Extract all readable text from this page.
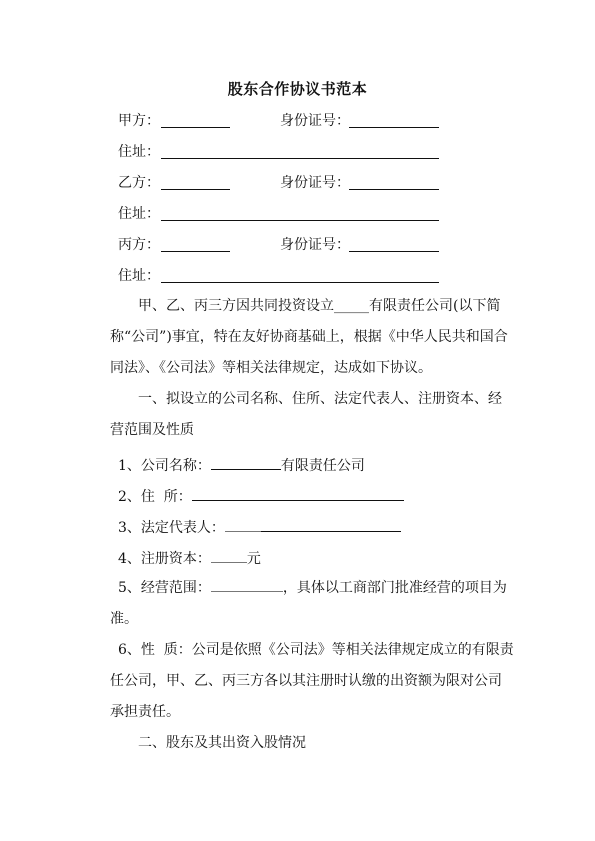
股东合作协议书范本
甲方：	身份证号：
住址：
乙方：	身份证号：
住址：
丙方：	身份证号：
住址：
甲、乙、丙三方因共同投资设立_____有限责任公司(以下简称“公司”)事宜，特在友好协商基础上，根据《中华人民共和国合同法》、《公司法》等相关法律规定，达成如下协议。
一、拟设立的公司名称、住所、法定代表人、注册资本、经营范围及性质
1、公司名称：	有限责任公司
2、住  所：
3、法定代表人：
4、注册资本：	元
5、经营范围：	，具体以工商部门批准经营的项目为准。
6、性  质：公司是依照《公司法》等相关法律规定成立的有限责任公司，甲、乙、丙三方各以其注册时认缴的出资额为限对公司承担责任。
二、股东及其出资入股情况
